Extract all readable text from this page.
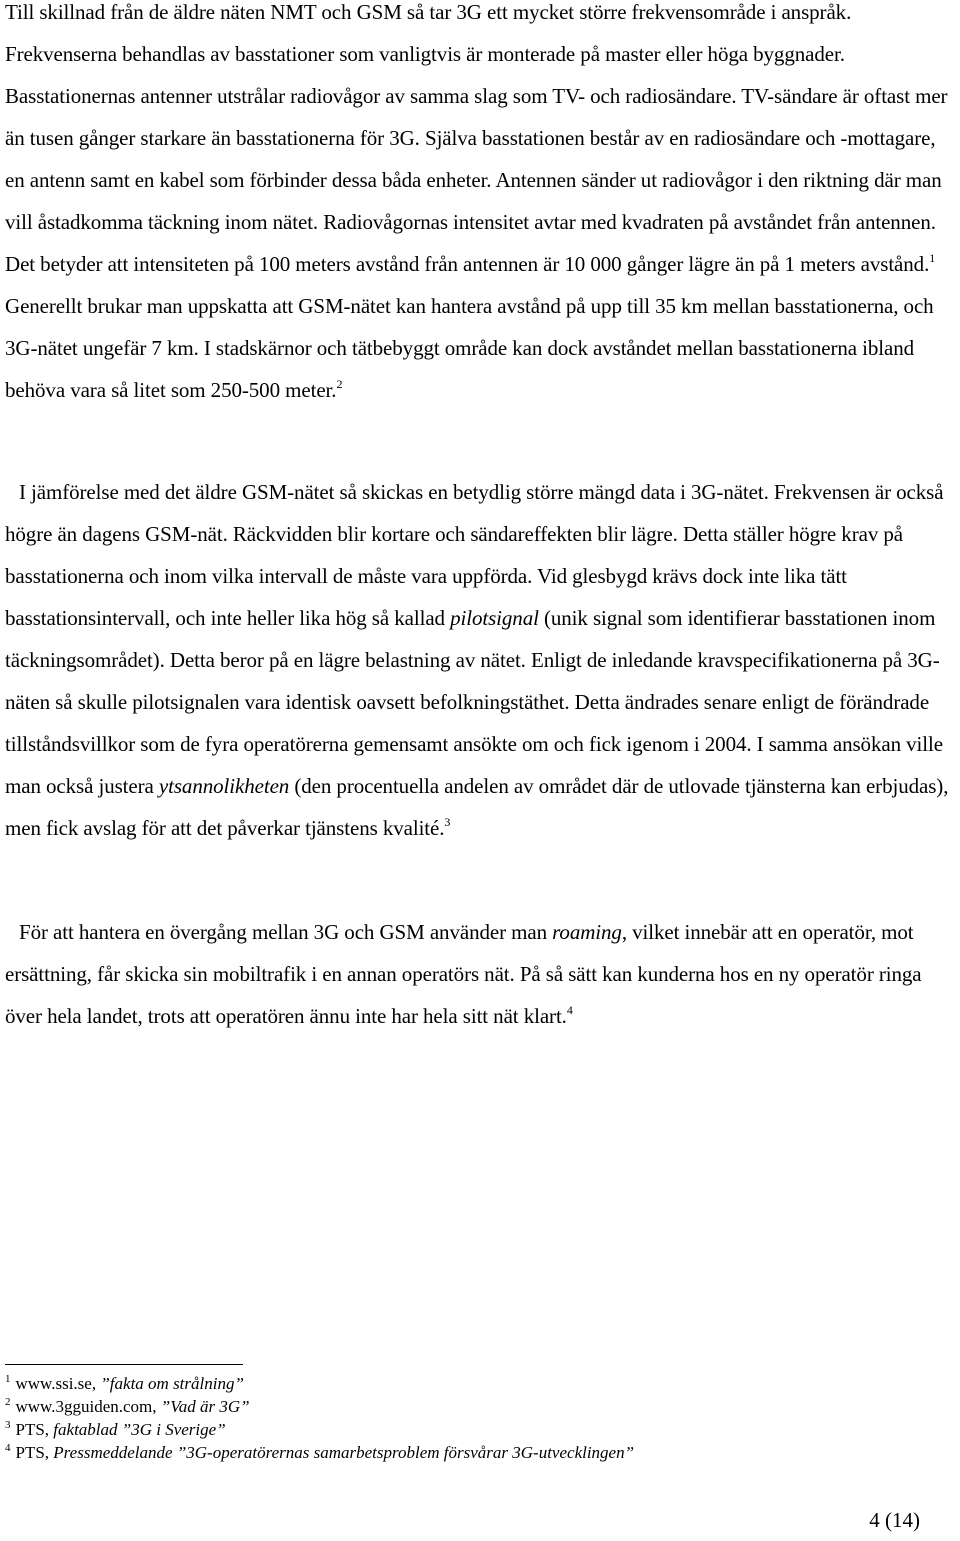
Till skillnad från de äldre näten NMT och GSM så tar 3G ett mycket större frekvensområde i anspråk. Frekvenserna behandlas av basstationer som vanligtvis är monterade på master eller höga byggnader. Basstationernas antenner utstrålar radiovågor av samma slag som TV- och radiosändare. TV-sändare är oftast mer än tusen gånger starkare än basstationerna för 3G. Själva basstationen består av en radiosändare och -mottagare, en antenn samt en kabel som förbinder dessa båda enheter. Antennen sänder ut radiovågor i den riktning där man vill åstadkomma täckning inom nätet. Radiovågornas intensitet avtar med kvadraten på avståndet från antennen. Det betyder att intensiteten på 100 meters avstånd från antennen är 10 000 gånger lägre än på 1 meters avstånd.$^1$ Generellt brukar man uppskatta att GSM-nätet kan hantera avstånd på upp till 35 km mellan basstationerna, och 3G-nätet ungefär 7 km. I stadskärnor och tätbebyggt område kan dock avståndet mellan basstationerna ibland behöva vara så litet som 250-500 meter.$^2$

I jämförelse med det äldre GSM-nätet så skickas en betydlig större mängd data i 3G-nätet. Frekvensen är också högre än dagens GSM-nät. Räckvidden blir kortare och sändareffekten blir lägre. Detta ställer högre krav på basstationerna och inom vilka intervall de måste vara uppförda. Vid glesbygd krävs dock inte lika tätt basstationsintervall, och inte heller lika hög så kallad pilotsignal (unik signal som identifierar basstationen inom täckningsområdet). Detta beror på en lägre belastning av nätet. Enligt de inledande kravspecifikationerna på 3G-näten så skulle pilotsignalen vara identisk oavsett befolkningstäthet. Detta ändrades senare enligt de förändrade tillståndsvillkor som de fyra operatörerna gemensamt ansökte om och fick igenom i 2004. I samma ansökan ville man också justera ytsannolikheten (den procentuella andelen av området där de utlovade tjänsterna kan erbjudas), men fick avslag för att det påverkar tjänstens kvalité.$^3$

För att hantera en övergång mellan 3G och GSM använder man roaming, vilket innebär att en operatör, mot ersättning, får skicka sin mobiltrafik i en annan operatörs nät. På så sätt kan kunderna hos en ny operatör ringa över hela landet, trots att operatören ännu inte har hela sitt nät klart.$^4$

$^1$ www.ssi.se, ”fakta om strålning”
$^2$ www.3gguiden.com, ”Vad är 3G”
$^3$ PTS, faktablad ”3G i Sverige”
$^4$ PTS, Pressmeddelande ”3G-operatörernas samarbetsproblem försvårar 3G-utvecklingen”
4 (14)
